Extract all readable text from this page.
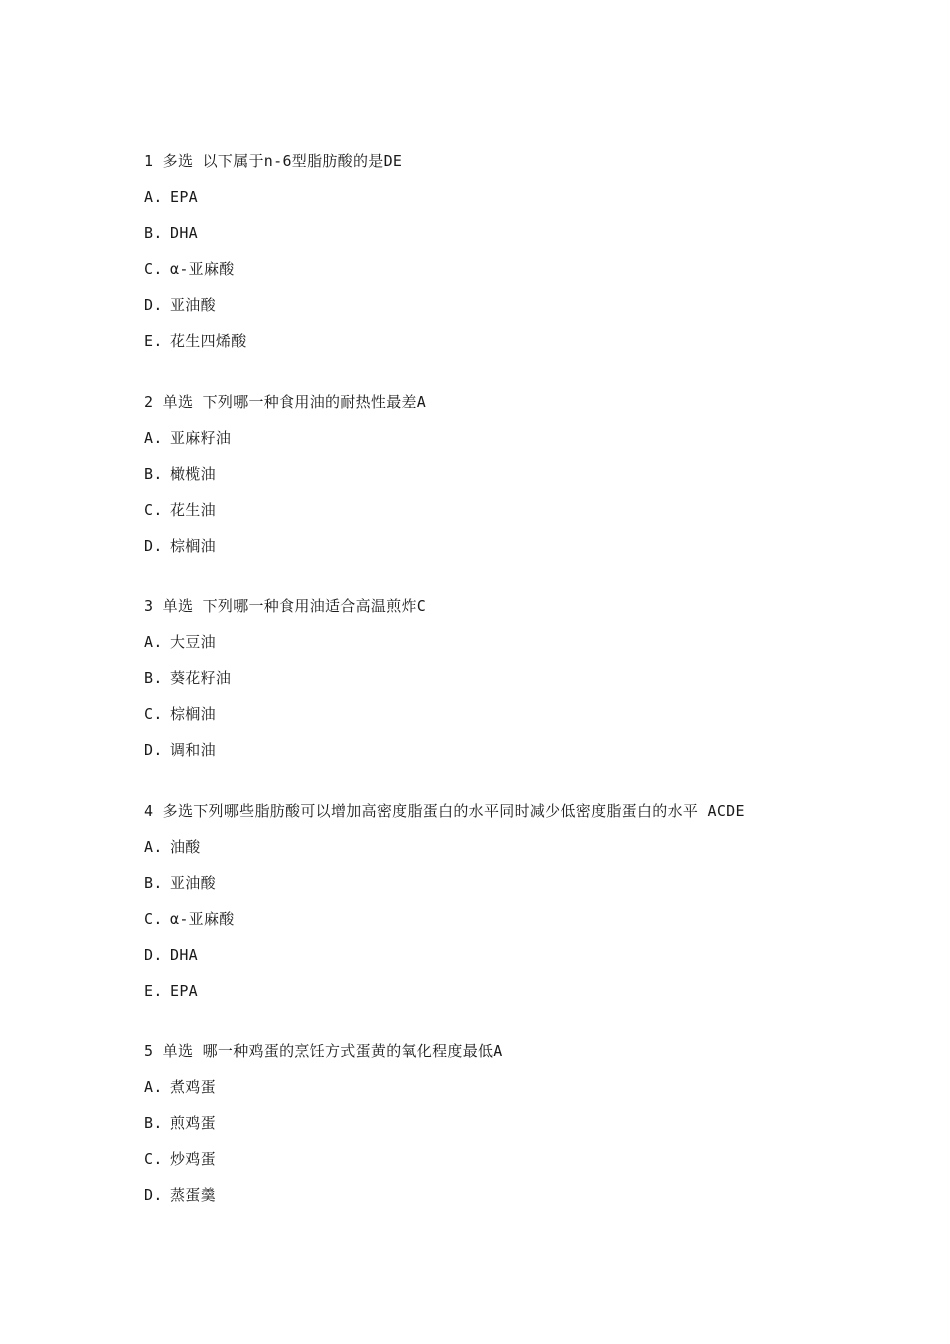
1 多选 以下属于n-6型脂肪酸的是DE
A. EPA
B. DHA
C. α-亚麻酸
D. 亚油酸
E. 花生四烯酸
2 单选 下列哪一种食用油的耐热性最差A
A. 亚麻籽油
B. 橄榄油
C. 花生油
D. 棕榈油
3 单选 下列哪一种食用油适合高温煎炸C
A. 大豆油
B. 葵花籽油
C. 棕榈油
D. 调和油
4 多选下列哪些脂肪酸可以增加高密度脂蛋白的水平同时减少低密度脂蛋白的水平 ACDE
A. 油酸
B. 亚油酸
C. α-亚麻酸
D. DHA
E. EPA
5 单选 哪一种鸡蛋的烹饪方式蛋黄的氧化程度最低A
A. 煮鸡蛋
B. 煎鸡蛋
C. 炒鸡蛋
D. 蒸蛋羹
